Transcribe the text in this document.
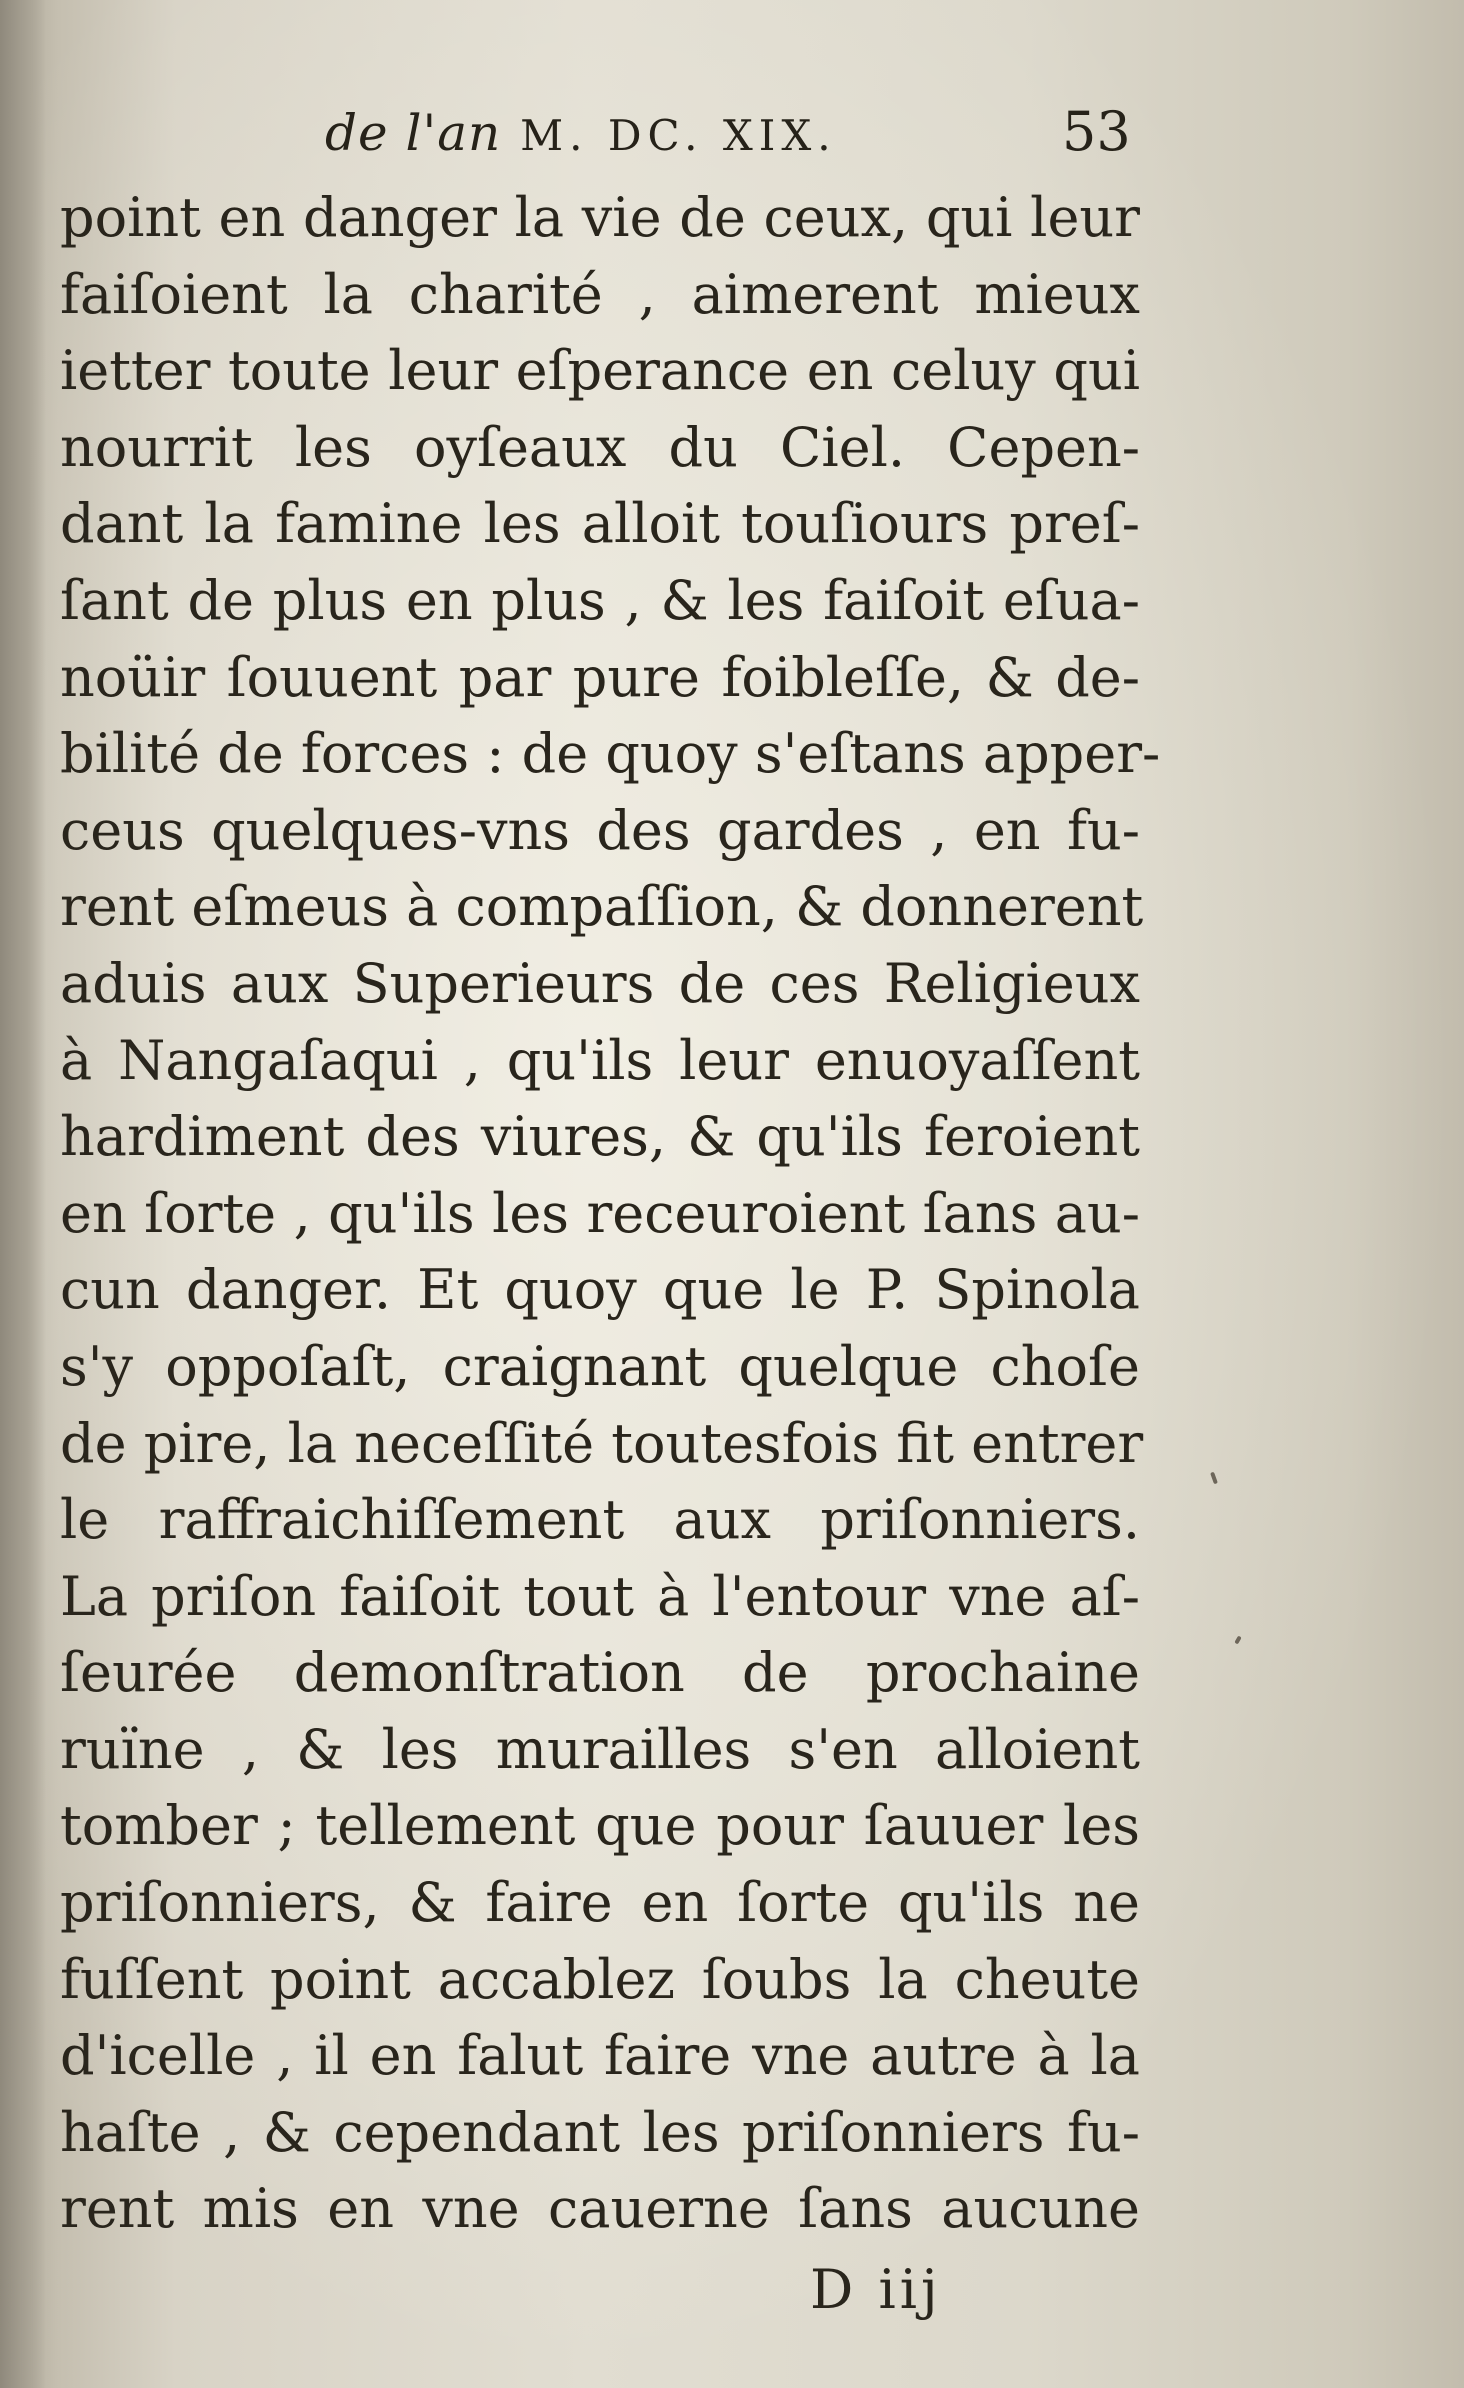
de l'an M. DC. XIX.	53
point en danger la vie de ceux, qui leur
faiſoient la charité , aimerent mieux
ietter toute leur eſperance en celuy qui
nourrit les oyſeaux du Ciel. Cepen-
dant la famine les alloit touſiours preſ-
ſant de plus en plus , & les faiſoit eſua-
noüir ſouuent par pure foibleſſe, & de-
bilité de forces : de quoy s'eſtans apper-
ceus quelques-vns des gardes , en fu-
rent eſmeus à compaſſion, & donnerent
aduis aux Superieurs de ces Religieux
à Nangaſaqui , qu'ils leur enuoyaſſent
hardiment des viures, & qu'ils feroient
en ſorte , qu'ils les receuroient ſans au-
cun danger. Et quoy que le P. Spinola
s'y oppoſaſt, craignant quelque choſe
de pire, la neceſſité toutesfois fit entrer
le raffraichiſſement aux priſonniers.
La priſon faiſoit tout à l'entour vne aſ-
ſeurée demonſtration de prochaine
ruïne , & les murailles s'en alloient
tomber ; tellement que pour ſauuer les
priſonniers, & faire en ſorte qu'ils ne
fuſſent point accablez ſoubs la cheute
d'icelle , il en falut faire vne autre à la
haſte , & cependant les priſonniers fu-
rent mis en vne cauerne ſans aucune
D iij
